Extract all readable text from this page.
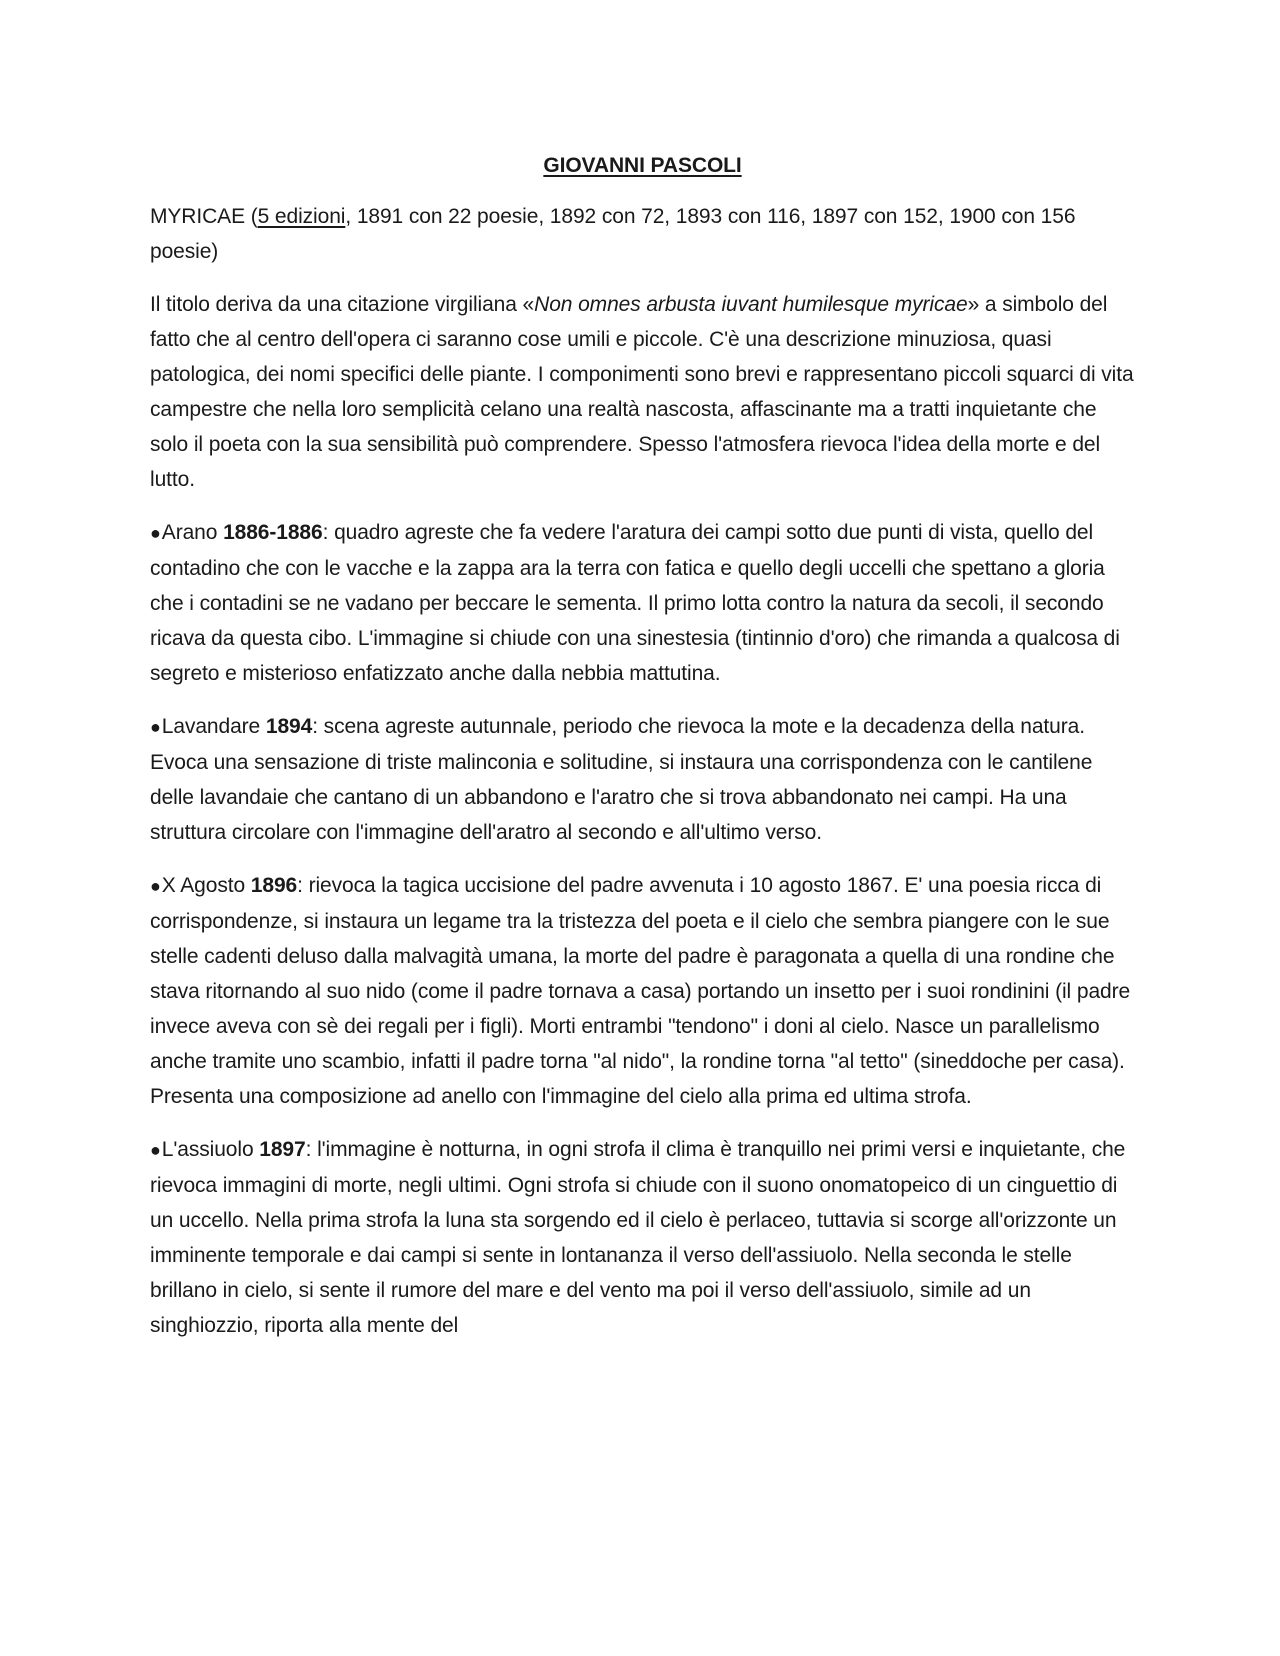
GIOVANNI PASCOLI

MYRICAE (5 edizioni, 1891 con 22 poesie, 1892 con 72, 1893 con 116, 1897 con 152, 1900 con 156 poesie)

Il titolo deriva da una citazione virgiliana «Non omnes arbusta iuvant humilesque myricae» a simbolo del fatto che al centro dell'opera ci saranno cose umili e piccole. C'è una descrizione minuziosa, quasi patologica, dei nomi specifici delle piante. I componimenti sono brevi e rappresentano piccoli squarci di vita campestre che nella loro semplicità celano una realtà nascosta, affascinante ma a tratti inquietante che solo il poeta con la sua sensibilità può comprendere. Spesso l'atmosfera rievoca l'idea della morte e del lutto.

●Arano 1886-1886: quadro agreste che fa vedere l'aratura dei campi sotto due punti di vista, quello del contadino che con le vacche e la zappa ara la terra con fatica e quello degli uccelli che spettano a gloria che i contadini se ne vadano per beccare le sementa. Il primo lotta contro la natura da secoli, il secondo ricava da questa cibo. L'immagine si chiude con una sinestesia (tintinnio d'oro) che rimanda a qualcosa di segreto e misterioso enfatizzato anche dalla nebbia mattutina.

●Lavandare 1894: scena agreste autunnale, periodo che rievoca la mote e la decadenza della natura. Evoca una sensazione di triste malinconia e solitudine, si instaura una corrispondenza con le cantilene delle lavandaie che cantano di un abbandono e l'aratro che si trova abbandonato nei campi. Ha una struttura circolare con l'immagine dell'aratro al secondo e all'ultimo verso.

●X Agosto 1896: rievoca la tagica uccisione del padre avvenuta i 10 agosto 1867. E' una poesia ricca di corrispondenze, si instaura un legame tra la tristezza del poeta e il cielo che sembra piangere con le sue stelle cadenti deluso dalla malvagità umana, la morte del padre è paragonata a quella di una rondine che stava ritornando al suo nido (come il padre tornava a casa) portando un insetto per i suoi rondinini (il padre invece aveva con sè dei regali per i figli). Morti entrambi "tendono" i doni al cielo. Nasce un parallelismo anche tramite uno scambio, infatti il padre torna "al nido", la rondine torna "al tetto" (sineddoche per casa). Presenta una composizione ad anello con l'immagine del cielo alla prima ed ultima strofa.

●L'assiuolo 1897: l'immagine è notturna, in ogni strofa il clima è tranquillo nei primi versi e inquietante, che rievoca immagini di morte, negli ultimi. Ogni strofa si chiude con il suono onomatopeico di un cinguettio di un uccello. Nella prima strofa la luna sta sorgendo ed il cielo è perlaceo, tuttavia si scorge all'orizzonte un imminente temporale e dai campi si sente in lontananza il verso dell'assiuolo. Nella seconda le stelle brillano in cielo, si sente il rumore del mare e del vento ma poi il verso dell'assiuolo, simile ad un singhiozzio, riporta alla mente del
